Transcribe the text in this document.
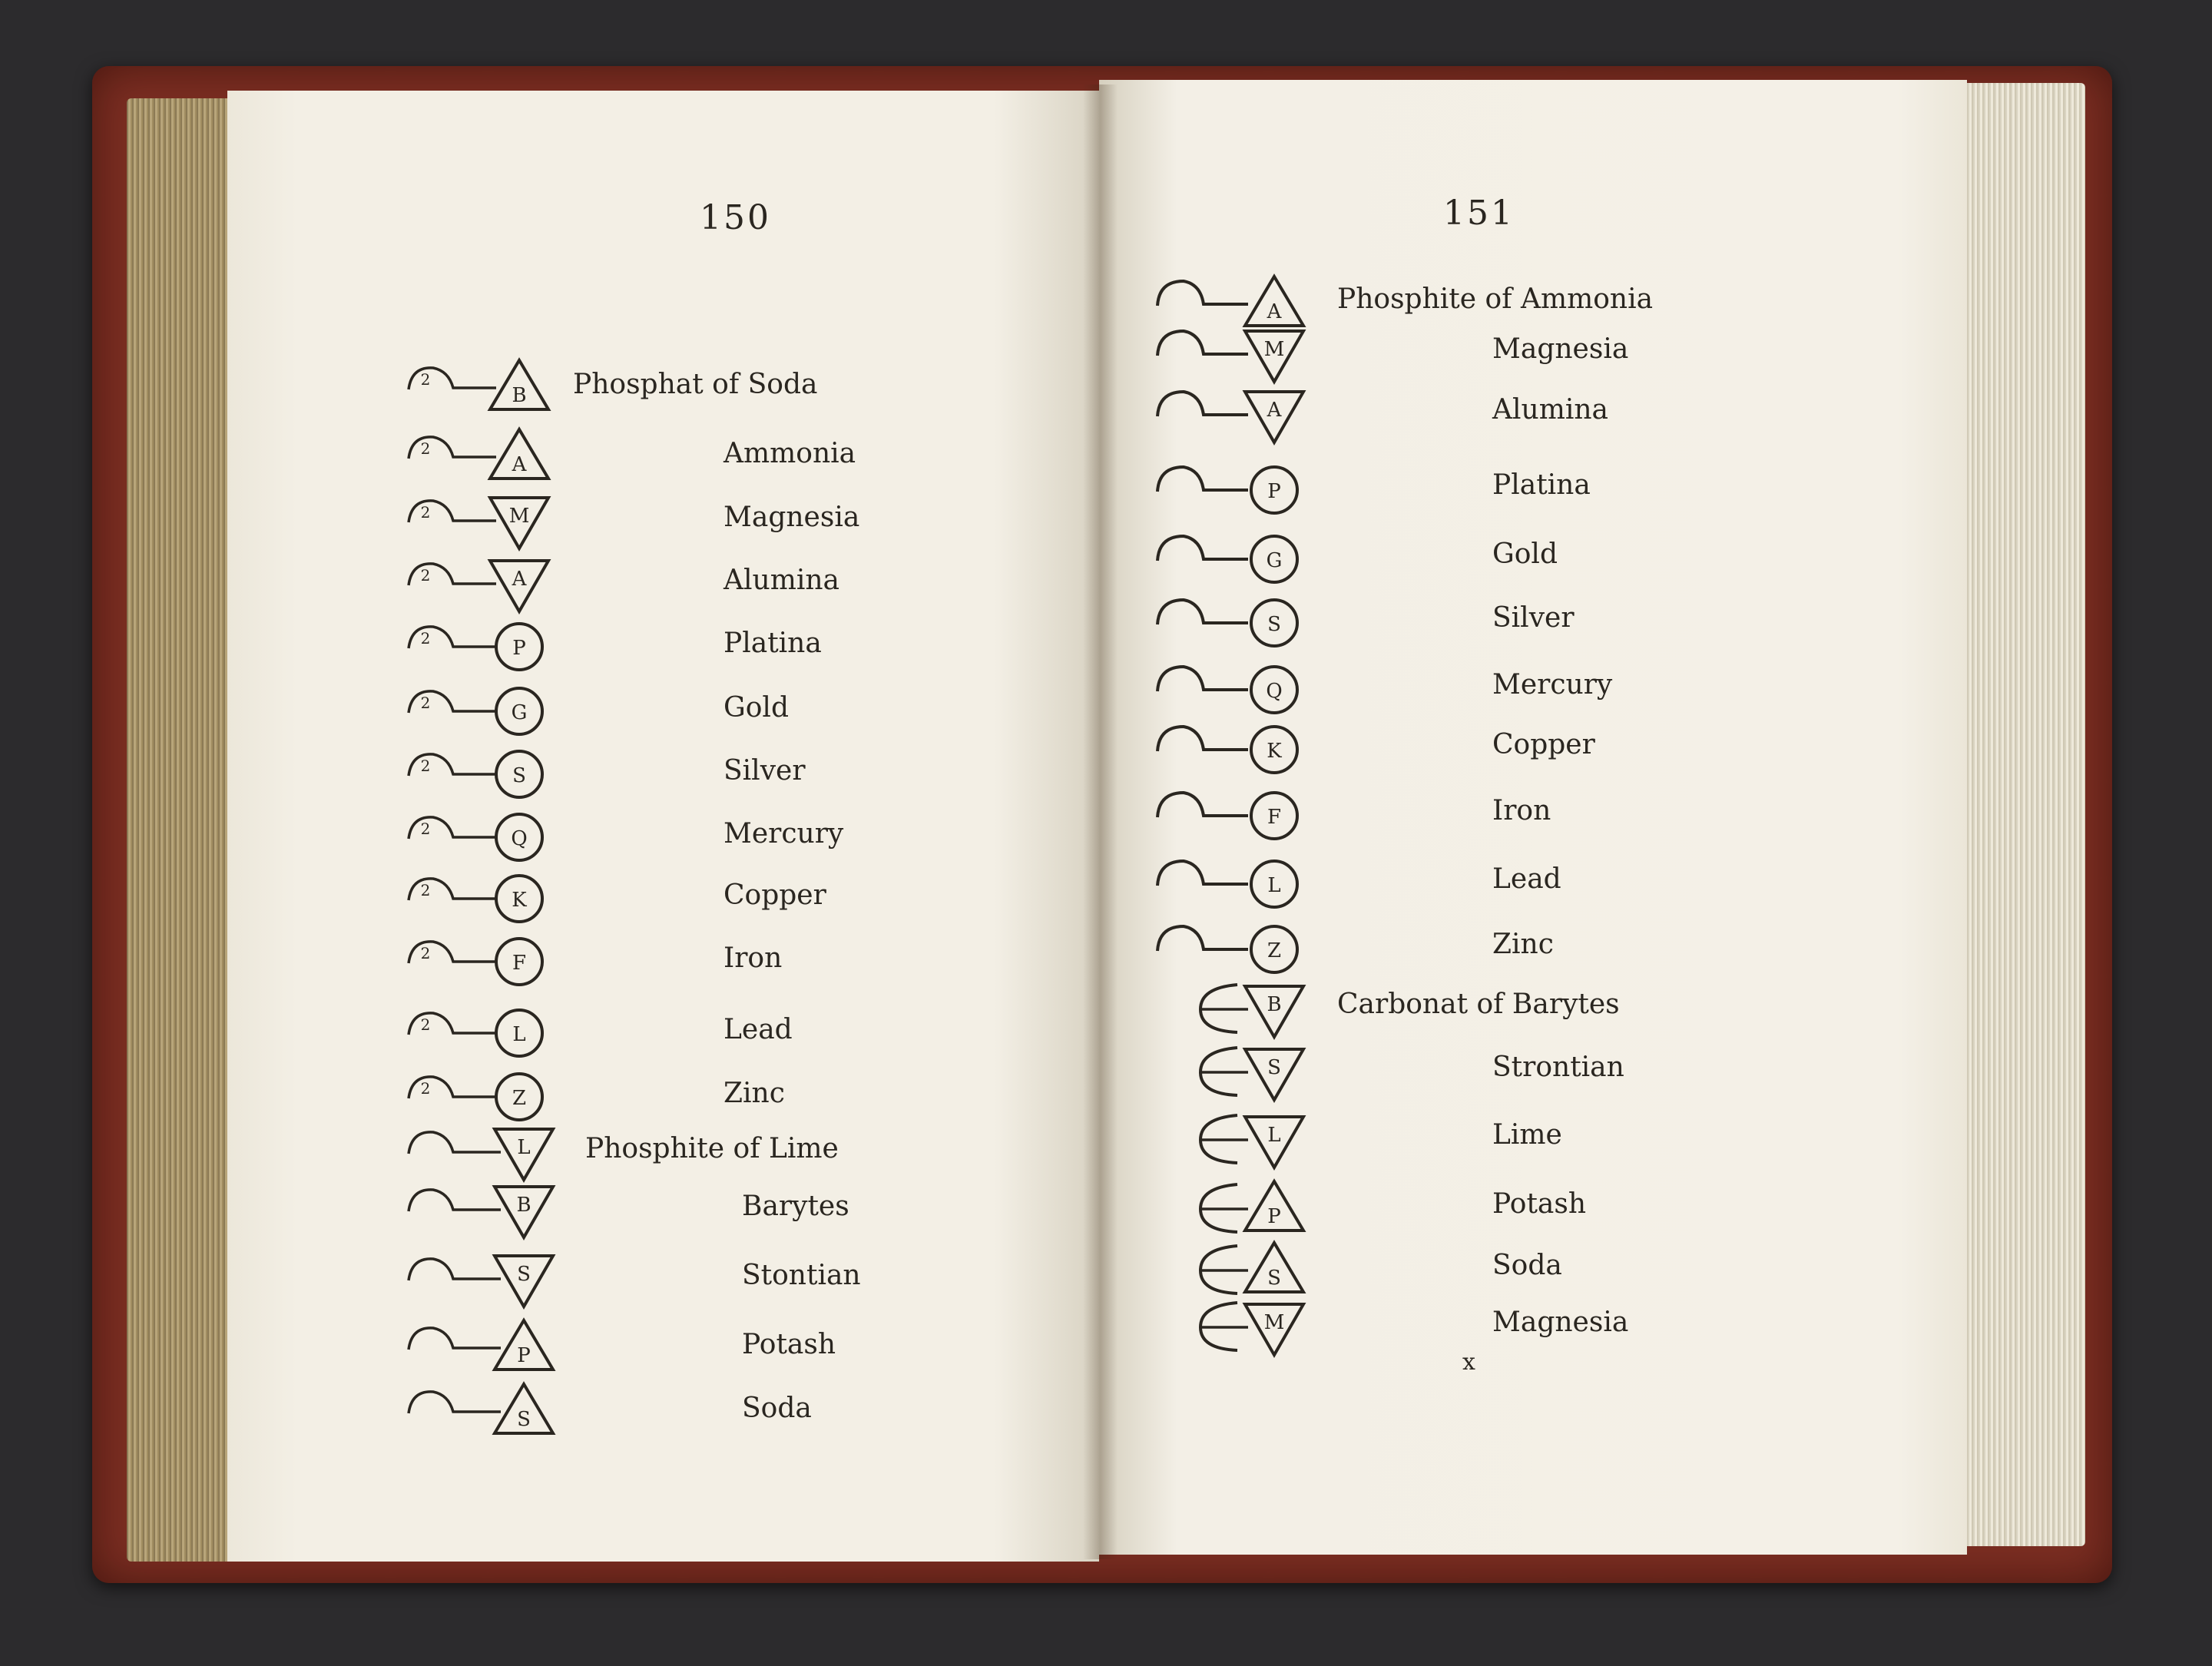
150
2
B Phosphat of Soda
2
A	Ammonia
2	M	Magnesia
2	A	Alumina
2	P	Platina
2	G	Gold
2	S	Silver
2	Q	Mercury
2	K	Copper
2	F	Iron
2	L	Lead
2	Z	Zinc
L Phosphite of Lime
B	Barytes
S	Stontian
P	Potash
S	Soda
151
A Phosphite of Ammonia
M	Magnesia
A	Alumina
P	Platina
G	Gold
S	Silver
Q	Mercury
K	Copper
F	Iron
L	Lead
Z	Zinc
B Carbonat of Barytes
S	Strontian
L	Lime
P	Potash
S	Soda
M	Magnesia
x
